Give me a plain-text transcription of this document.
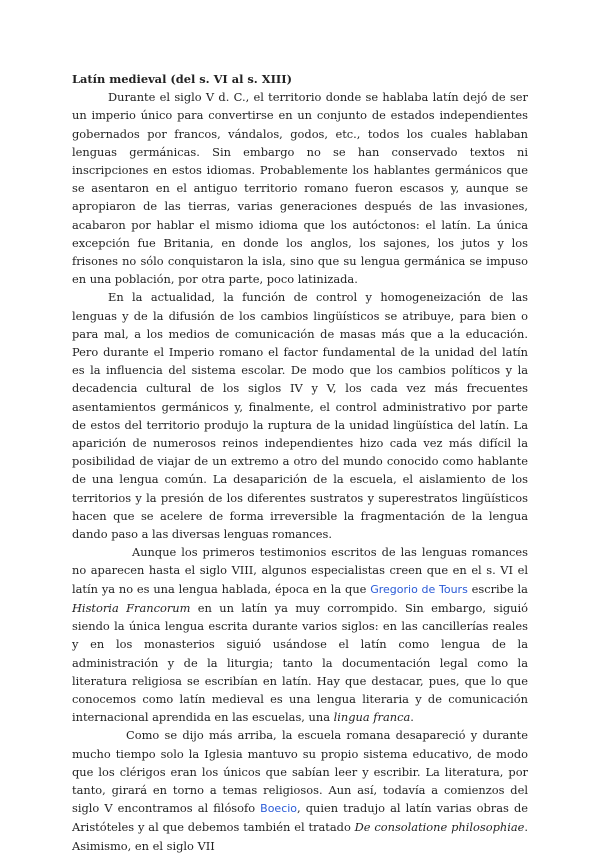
Latín medieval (del s. VI al s. XIII)

Durante el siglo V d. C., el territorio donde se hablaba latín dejó de ser un imperio único para convertirse en un conjunto de estados independientes gobernados por francos, vándalos, godos, etc., todos los cuales hablaban lenguas germánicas. Sin embargo no se han conservado textos ni inscripciones en estos idiomas. Probablemente los hablantes germánicos que se asentaron en el antiguo territorio romano fueron escasos y, aunque se apropiaron de las tierras, varias generaciones después de las invasiones, acabaron por hablar el mismo idioma que los autóctonos: el latín. La única excepción fue Britania, en donde los anglos, los sajones, los jutos y los frisones no sólo conquistaron la isla, sino que su lengua germánica se impuso en una población, por otra parte, poco latinizada.

En la actualidad, la función de control y homogeneización de las lenguas y de la difusión de los cambios lingüísticos se atribuye, para bien o para mal, a los medios de comunicación de masas más que a la educación. Pero durante el Imperio romano el factor fundamental de la unidad del latín es la influencia del sistema escolar. De modo que los cambios políticos y la decadencia cultural de los siglos IV y V, los cada vez más frecuentes asentamientos germánicos y, finalmente, el control administrativo por parte de estos del territorio produjo la ruptura de la unidad lingüística del latín. La aparición de numerosos reinos independientes hizo cada vez más difícil la posibilidad de viajar de un extremo a otro del mundo conocido como hablante de una lengua común. La desaparición de la escuela, el aislamiento de los territorios y la presión de los diferentes sustratos y superestratos lingüísticos hacen que se acelere de forma irreversible la fragmentación de la lengua dando paso a las diversas lenguas romances.

Aunque los primeros testimonios escritos de las lenguas romances no aparecen hasta el siglo VIII, algunos especialistas creen que en el s. VI el latín ya no es una lengua hablada, época en la que Gregorio de Tours escribe la Historia Francorum en un latín ya muy corrompido. Sin embargo, siguió siendo la única lengua escrita durante varios siglos: en las cancillerías reales y en los monasterios siguió usándose el latín como lengua de la administración y de la liturgia; tanto la documentación legal como la literatura religiosa se escribían en latín. Hay que destacar, pues, que lo que conocemos como latín medieval es una lengua literaria y de comunicación internacional aprendida en las escuelas, una lingua franca.

Como se dijo más arriba, la escuela romana desapareció y durante mucho tiempo solo la Iglesia mantuvo su propio sistema educativo, de modo que los clérigos eran los únicos que sabían leer y escribir. La literatura, por tanto, girará en torno a temas religiosos. Aun así, todavía a comienzos del siglo V encontramos al filósofo Boecio, quien tradujo al latín varias obras de Aristóteles y al que debemos también el tratado De consolatione philosophiae. Asimismo, en el siglo VII
